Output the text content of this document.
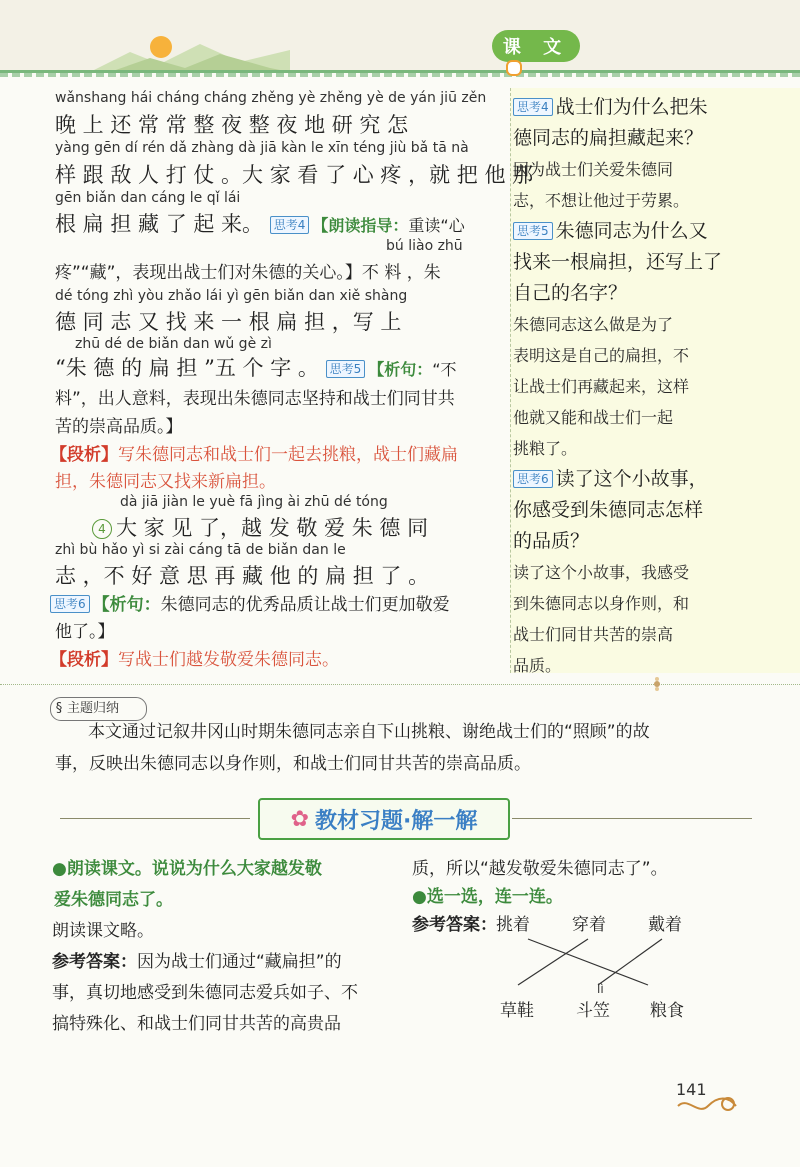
课 文
思考4 战士们为什么把朱
德同志的扁担藏起来？
因为战士们关爱朱德同
志，不想让他过于劳累。
思考5 朱德同志为什么又
找来一根扁担，还写上了
自己的名字？
朱德同志这么做是为了
表明这是自己的扁担，不
让战士们再藏起来，这样
他就又能和战士们一起
挑粮了。
思考6 读了这个小故事，
你感受到朱德同志怎样
的品质？
读了这个小故事，我感受
到朱德同志以身作则，和
战士们同甘共苦的崇高
品质。
wǎnshang hái cháng cháng zhěng yè zhěng yè de yán jiū zěn
晚 上 还 常 常 整 夜 整 夜 地 研 究 怎
yàng gēn dí rén dǎ zhàng dà jiā kàn le xīn téng jiù bǎ tā nà
样 跟 敌 人 打 仗 。大 家 看 了 心 疼 ，就 把 他 那
gēn biǎn dan cáng le qǐ lái
根 扁 担 藏 了 起 来。 思考4 【朗读指导：重读“心
bú liào zhū
疼”“藏”，表现出战士们对朱德的关心。】不 料 ，朱
dé tóng zhì yòu zhǎo lái yì gēn biǎn dan xiě shàng
德 同 志 又 找 来 一 根 扁 担 ，写 上
zhū dé de biǎn dan wǔ gè zì
“朱 德 的 扁 担 ”五 个 字 。 思考5 【析句：“不
料”，出人意料，表现出朱德同志坚持和战士们同甘共
苦的崇高品质。】
【段析】写朱德同志和战士们一起去挑粮，战士们藏扁
担，朱德同志又找来新扁担。
dà jiā jiàn le yuè fā jìng ài zhū dé tóng
4 大 家 见 了，越 发 敬 爱 朱 德 同
zhì bù hǎo yì si zài cáng tā de biǎn dan le
志 ，不 好 意 思 再 藏 他 的 扁 担 了 。
思考6 【析句：朱德同志的优秀品质让战士们更加敬爱
他了。】
【段析】写战士们越发敬爱朱德同志。
§ 主题归纳
本文通过记叙井冈山时期朱德同志亲自下山挑粮、谢绝战士们的“照顾”的故
事，反映出朱德同志以身作则，和战士们同甘共苦的崇高品质。
✿ 教材习题·解一解
●朗读课文。说说为什么大家越发敬
爱朱德同志了。
朗读课文略。
参考答案：因为战士们通过“藏扁担”的
事，真切地感受到朱德同志爱兵如子、不
搞特殊化、和战士们同甘共苦的高贵品
质，所以“越发敬爱朱德同志了”。
●选一选，连一连。
参考答案： 挑着 穿着 戴着
lì
草鞋 斗笠 粮食
141
